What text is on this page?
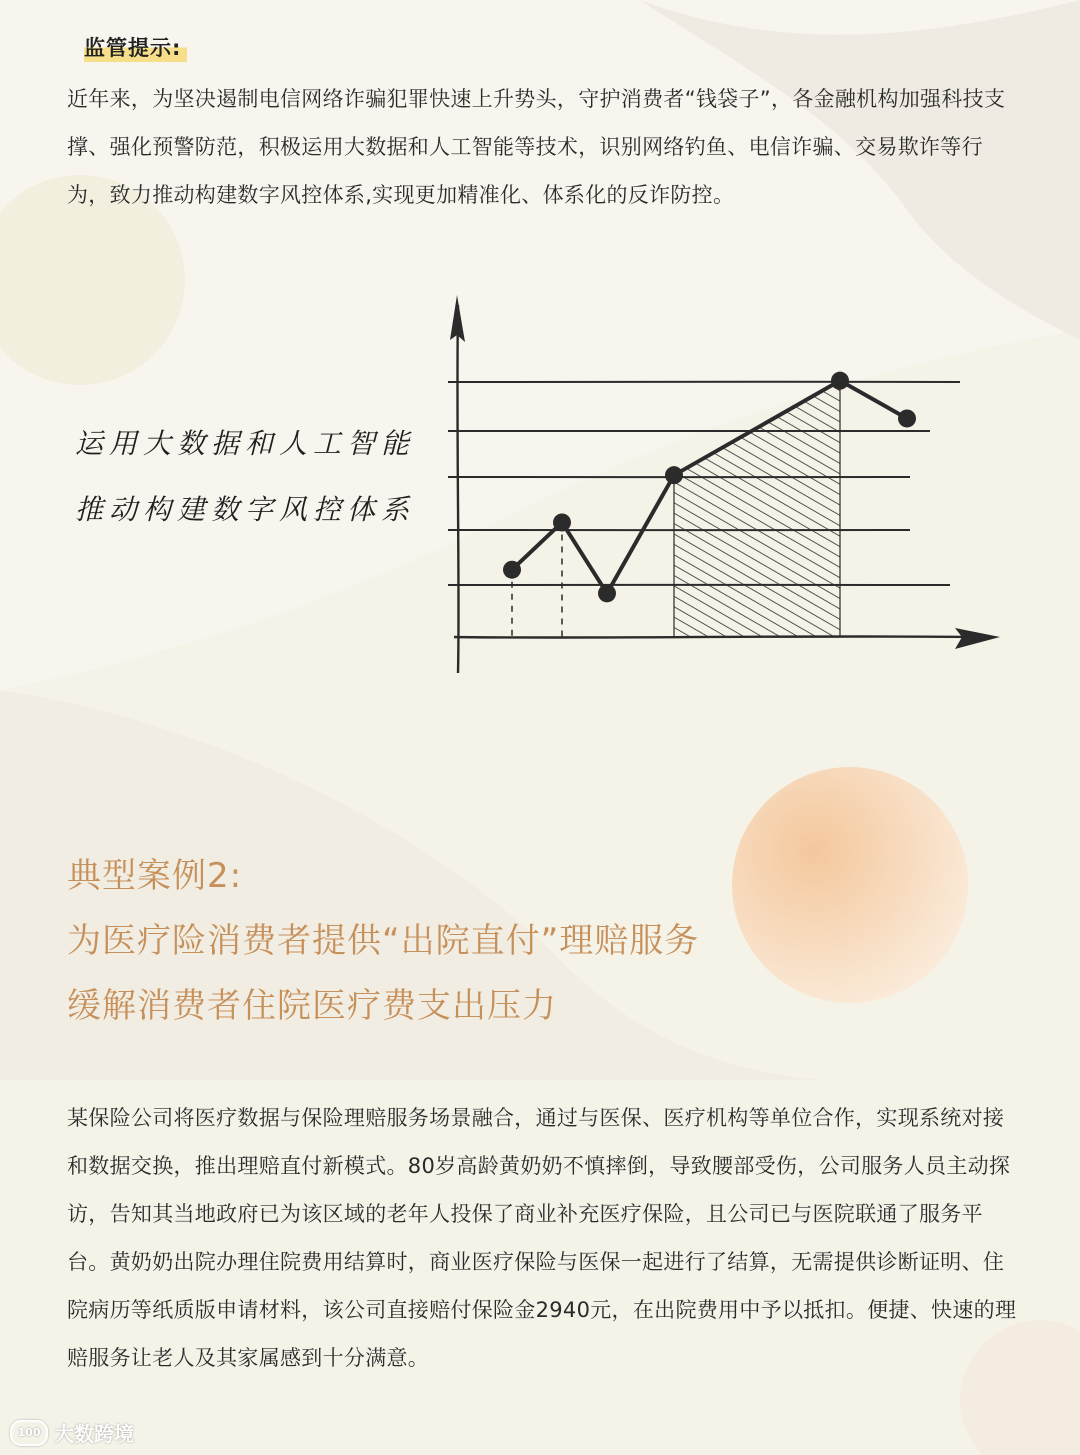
监管提示:

近年来，为坚决遏制电信网络诈骗犯罪快速上升势头，守护消费者“钱袋子”，各金融机构加强科技支撑、强化预警防范，积极运用大数据和人工智能等技术，识别网络钓鱼、电信诈骗、交易欺诈等行为，致力推动构建数字风控体系,实现更加精准化、体系化的反诈防控。

运用大数据和人工智能
推动构建数字风控体系
典型案例2:
为医疗险消费者提供“出院直付”理赔服务
缓解消费者住院医疗费支出压力

某保险公司将医疗数据与保险理赔服务场景融合，通过与医保、医疗机构等单位合作，实现系统对接和数据交换，推出理赔直付新模式。80岁高龄黄奶奶不慎摔倒，导致腰部受伤，公司服务人员主动探访，告知其当地政府已为该区域的老年人投保了商业补充医疗保险，且公司已与医院联通了服务平台。黄奶奶出院办理住院费用结算时，商业医疗保险与医保一起进行了结算，无需提供诊断证明、住院病历等纸质版申请材料，该公司直接赔付保险金2940元，在出院费用中予以抵扣。便捷、快速的理赔服务让老人及其家属感到十分满意。

100 大数跨境
